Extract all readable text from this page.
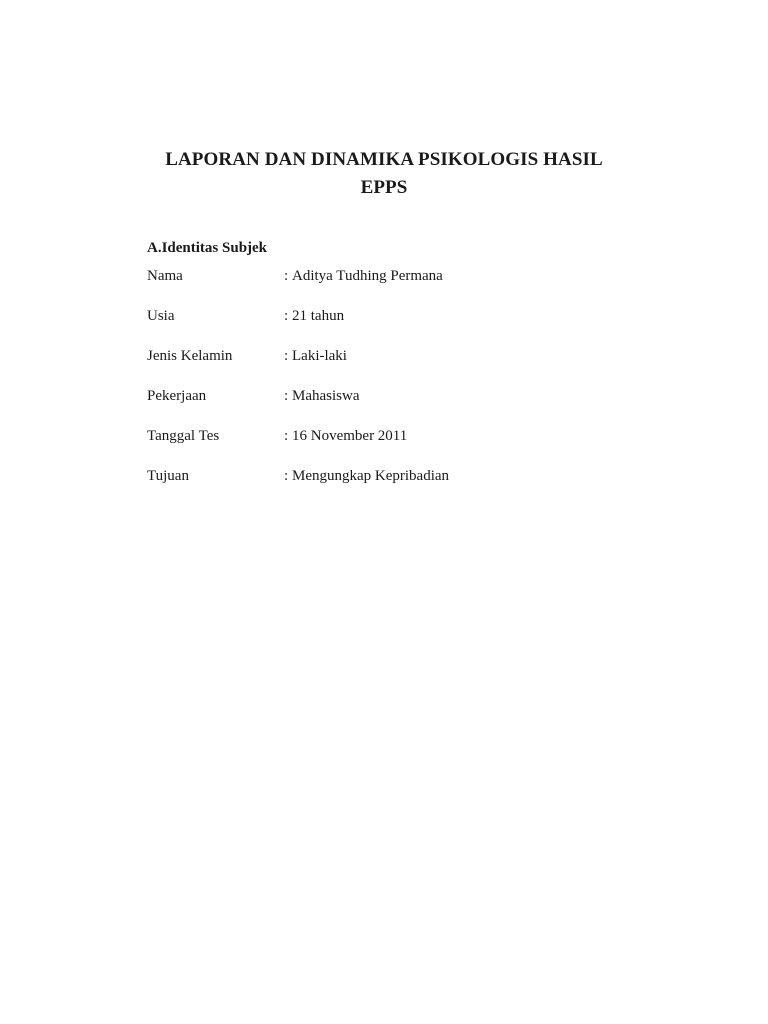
LAPORAN DAN DINAMIKA PSIKOLOGIS HASIL
EPPS

A.Identitas Subjek

Nama	: Aditya Tudhing Permana
Usia	: 21 tahun
Jenis Kelamin	: Laki-laki
Pekerjaan	: Mahasiswa
Tanggal Tes	: 16 November 2011
Tujuan	: Mengungkap Kepribadian
